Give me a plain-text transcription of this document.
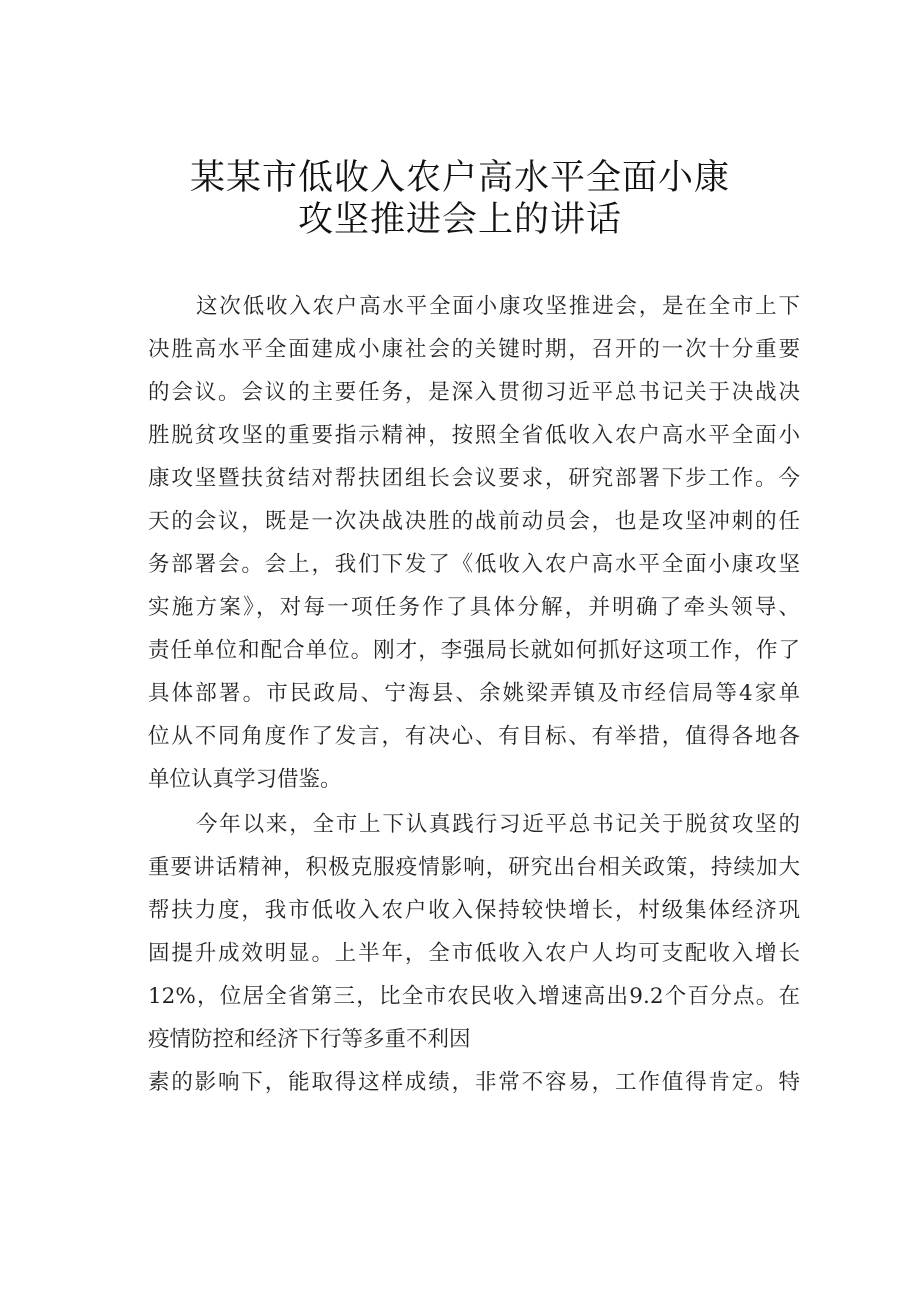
某某市低收入农户高水平全面小康
攻坚推进会上的讲话
这次低收入农户高水平全面小康攻坚推进会，是在全市上下
决胜高水平全面建成小康社会的关键时期，召开的一次十分重要
的会议。会议的主要任务，是深入贯彻习近平总书记关于决战决
胜脱贫攻坚的重要指示精神，按照全省低收入农户高水平全面小
康攻坚暨扶贫结对帮扶团组长会议要求，研究部署下步工作。今
天的会议，既是一次决战决胜的战前动员会，也是攻坚冲刺的任
务部署会。会上，我们下发了《低收入农户高水平全面小康攻坚
实施方案》，对每一项任务作了具体分解，并明确了牵头领导、
责任单位和配合单位。刚才，李强局长就如何抓好这项工作，作了
具体部署。市民政局、宁海县、余姚梁弄镇及市经信局等4家单
位从不同角度作了发言，有决心、有目标、有举措，值得各地各
单位认真学习借鉴。
今年以来，全市上下认真践行习近平总书记关于脱贫攻坚的
重要讲话精神，积极克服疫情影响，研究出台相关政策，持续加大
帮扶力度，我市低收入农户收入保持较快增长，村级集体经济巩
固提升成效明显。上半年，全市低收入农户人均可支配收入增长
12%，位居全省第三，比全市农民收入增速高出9.2个百分点。在
疫情防控和经济下行等多重不利因
素的影响下，能取得这样成绩，非常不容易，工作值得肯定。特
